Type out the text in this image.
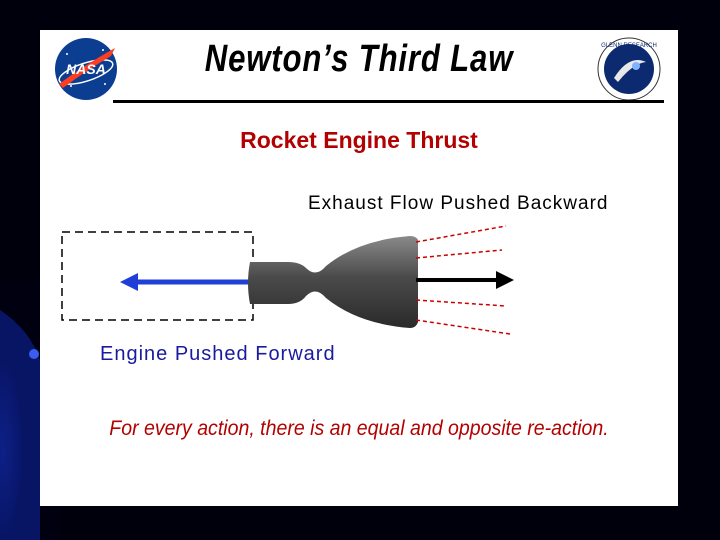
NASA
GLENN RESEARCH
Newton’s Third Law
Rocket Engine Thrust
Exhaust Flow Pushed Backward
Engine Pushed Forward
For every action, there is an equal and opposite re-action.
